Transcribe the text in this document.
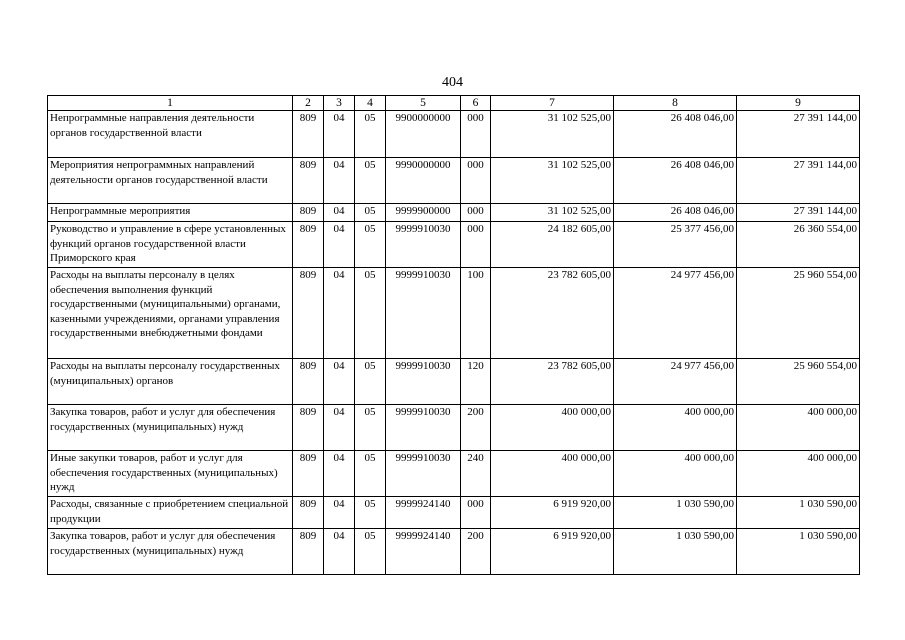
404
1	2	3	4	5	6	7	8	9
Непрограммные направления деятельности органов государственной власти	809	04	05	9900000000	000	31 102 525,00	26 408 046,00	27 391 144,00
Мероприятия непрограммных направлений деятельности органов государственной власти	809	04	05	9990000000	000	31 102 525,00	26 408 046,00	27 391 144,00
Непрограммные мероприятия	809	04	05	9999900000	000	31 102 525,00	26 408 046,00	27 391 144,00
Руководство и управление в сфере установленных функций органов государственной власти Приморского края	809	04	05	9999910030	000	24 182 605,00	25 377 456,00	26 360 554,00
Расходы на выплаты персоналу в целях обеспечения выполнения функций государственными (муниципальными) органами, казенными учреждениями, органами управления государственными внебюджетными фондами	809	04	05	9999910030	100	23 782 605,00	24 977 456,00	25 960 554,00
Расходы на выплаты персоналу государственных (муниципальных) органов	809	04	05	9999910030	120	23 782 605,00	24 977 456,00	25 960 554,00
Закупка товаров, работ и услуг для обеспечения государственных (муниципальных) нужд	809	04	05	9999910030	200	400 000,00	400 000,00	400 000,00
Иные закупки товаров, работ и услуг для обеспечения государственных (муниципальных) нужд	809	04	05	9999910030	240	400 000,00	400 000,00	400 000,00
Расходы, связанные с приобретением специальной продукции	809	04	05	9999924140	000	6 919 920,00	1 030 590,00	1 030 590,00
Закупка товаров, работ и услуг для обеспечения государственных (муниципальных) нужд	809	04	05	9999924140	200	6 919 920,00	1 030 590,00	1 030 590,00
